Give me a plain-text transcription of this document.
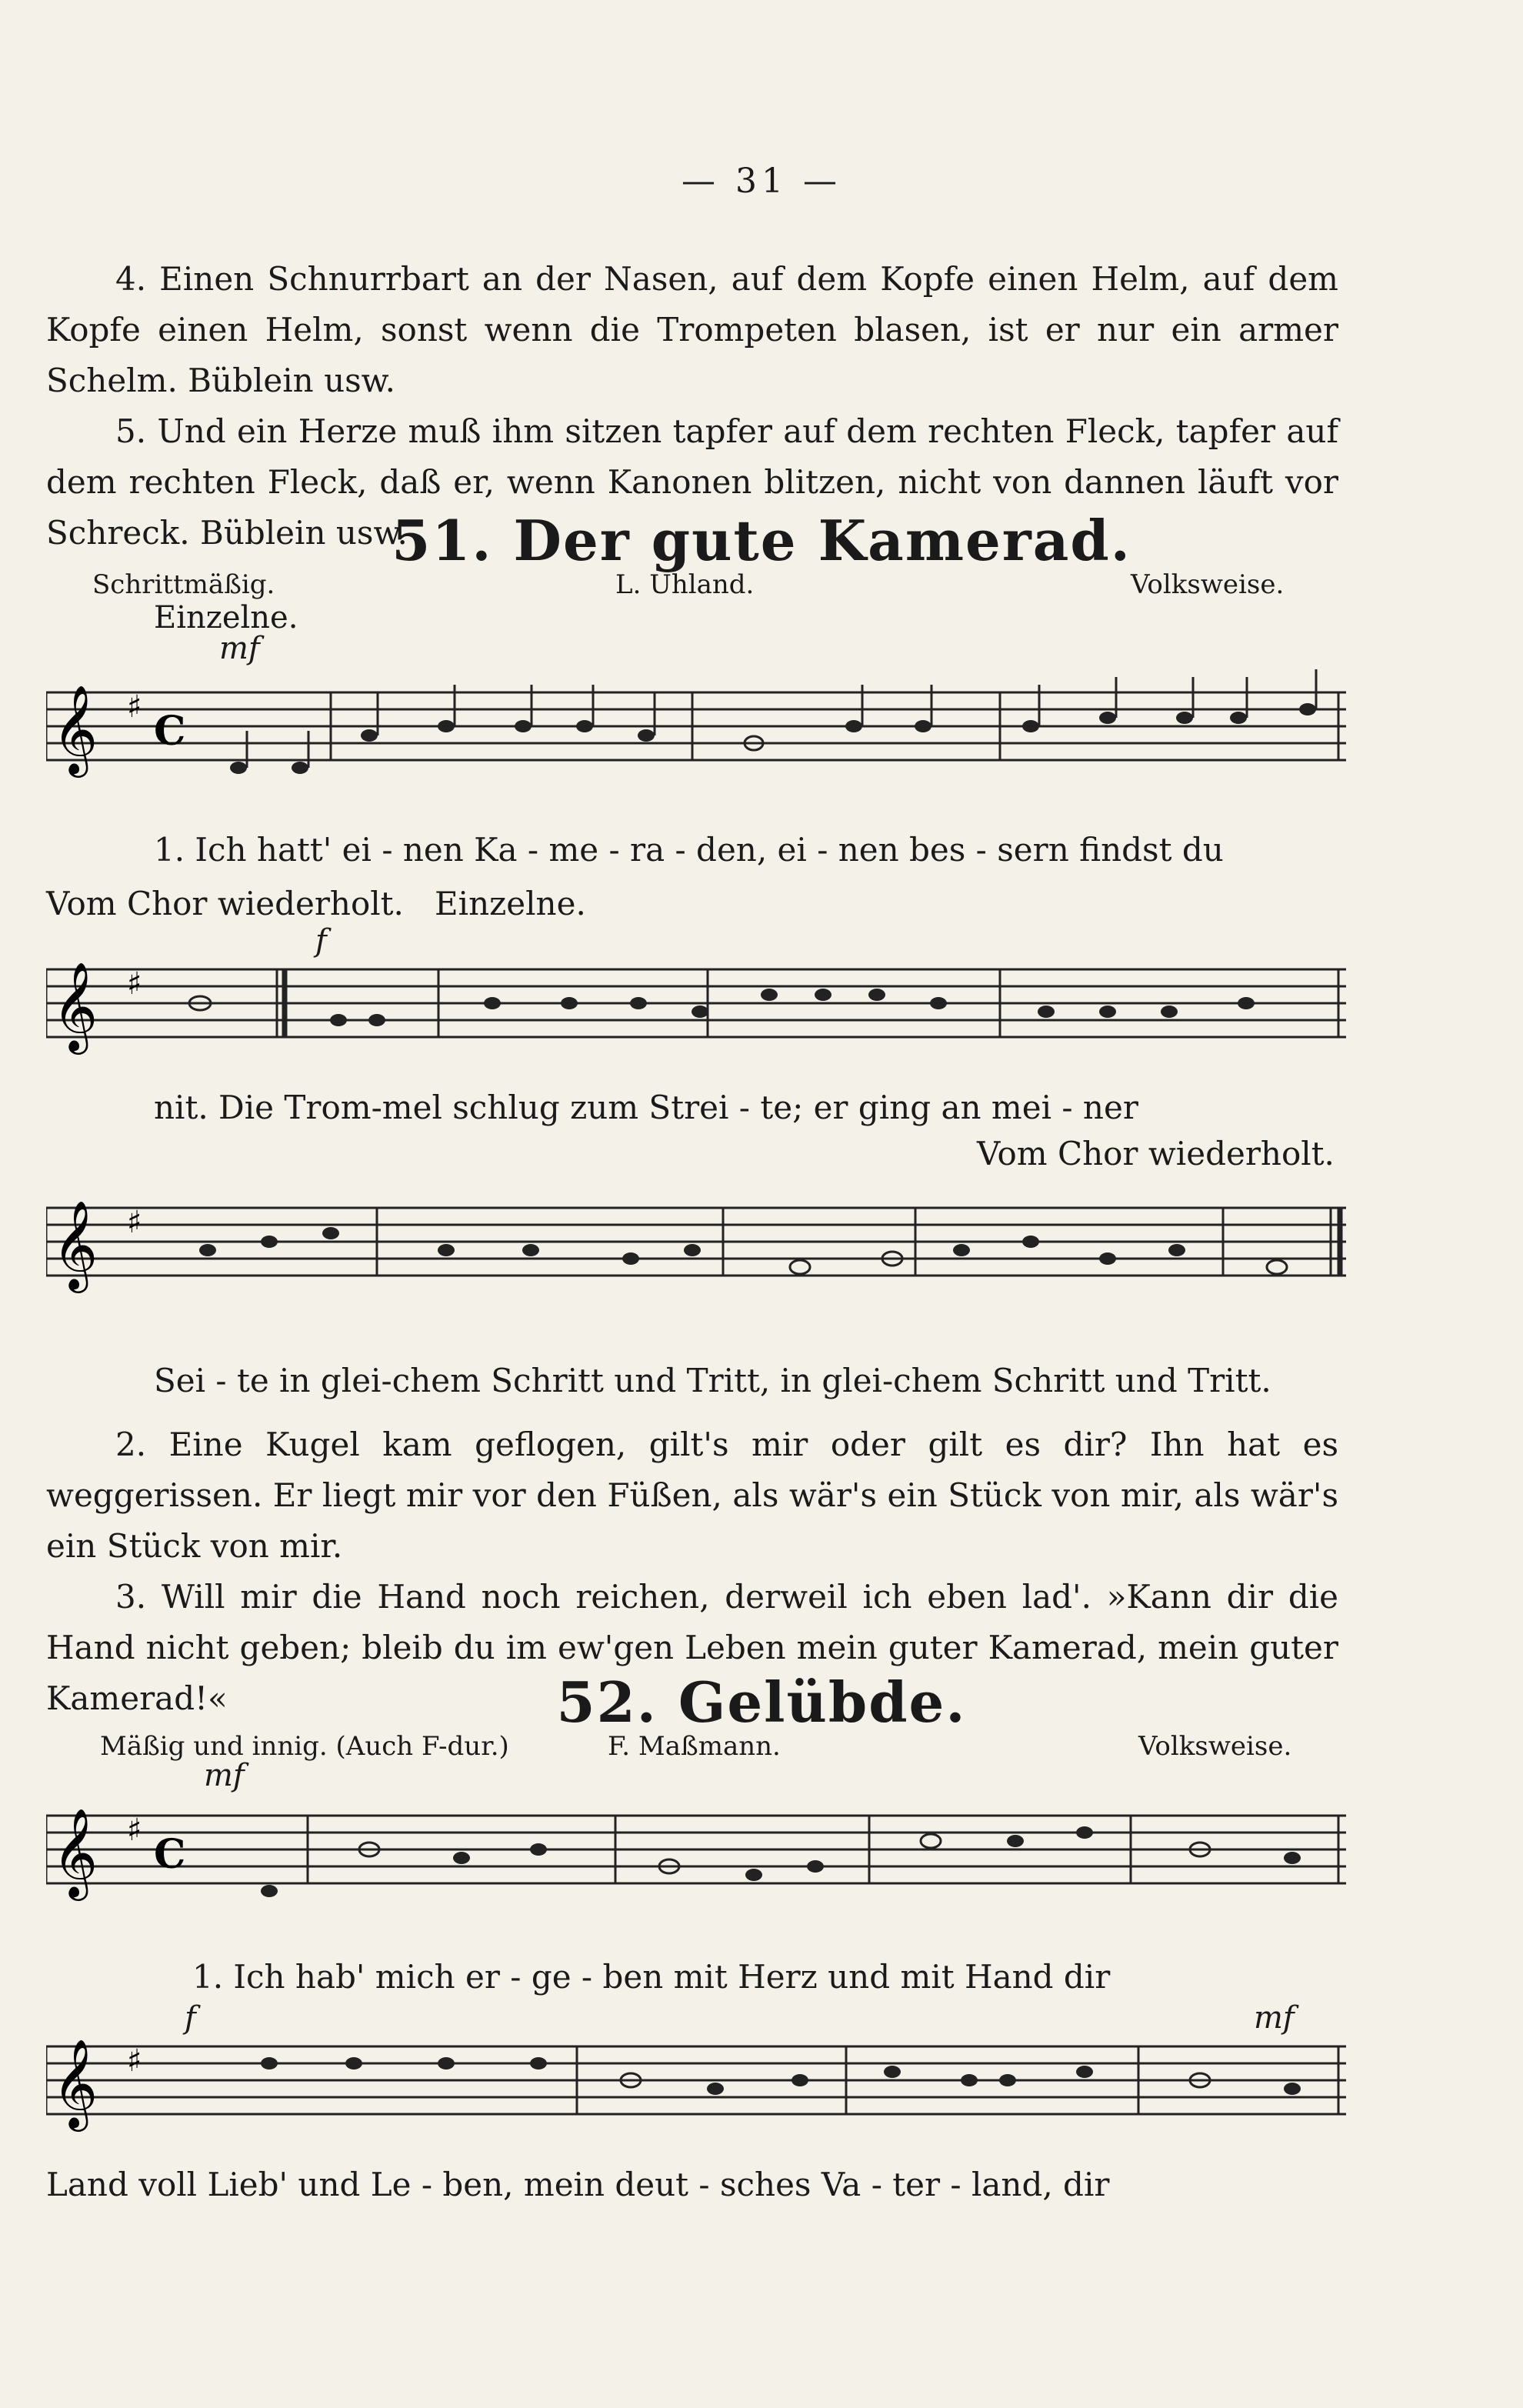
— 31 —

4. Einen Schnurrbart an der Nasen, auf dem Kopfe einen Helm, auf dem Kopfe einen Helm, sonst wenn die Trompeten blasen, ist er nur ein armer Schelm. Büblein usw.

5. Und ein Herze muß ihm sitzen tapfer auf dem rechten Fleck, tapfer auf dem rechten Fleck, daß er, wenn Kanonen blitzen, nicht von dannen läuft vor Schreck. Büblein usw.

51. Der gute Kamerad.
Schrittmäßig.	L. Uhland.	Volksweise.
Einzelne.
mf
𝄞 ♯
C
1. Ich hatt' ei - nen Ka - me - ra - den, ei - nen bes - sern findst du
Vom Chor wiederholt. Einzelne.
f
𝄞 ♯
nit. Die Trom-mel schlug zum Strei - te; er ging an mei - ner
Vom Chor wiederholt.
𝄞 ♯
Sei - te in glei-chem Schritt und Tritt, in glei-chem Schritt und Tritt.

2. Eine Kugel kam geflogen, gilt's mir oder gilt es dir? Ihn hat es weggerissen. Er liegt mir vor den Füßen, als wär's ein Stück von mir, als wär's ein Stück von mir.

3. Will mir die Hand noch reichen, derweil ich eben lad'. »Kann dir die Hand nicht geben; bleib du im ew'gen Leben mein guter Kamerad, mein guter Kamerad!«	52. Gelübde.
Mäßig und innig. (Auch F-dur.)	F. Maßmann.	Volksweise.
mf
𝄞 ♯
C
1. Ich hab' mich er - ge - ben mit Herz und mit Hand dir
f	mf
𝄞 ♯
Land voll Lieb' und Le - ben, mein deut - sches Va - ter - land, dir
